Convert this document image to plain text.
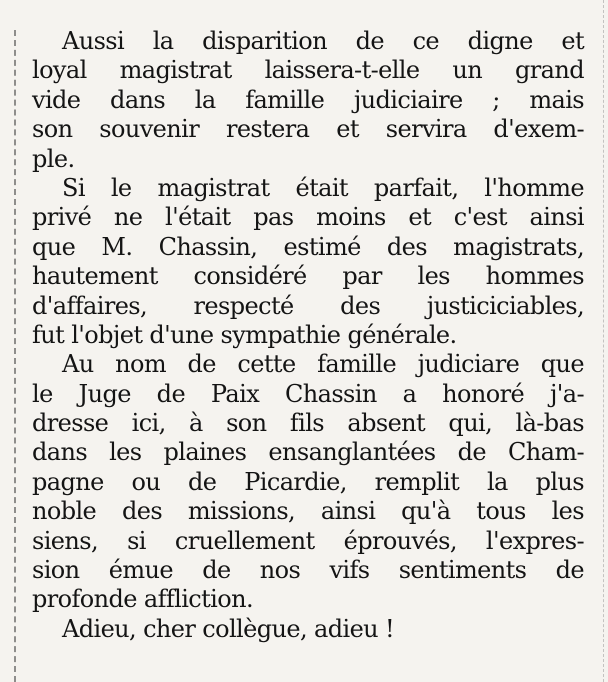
Aussi la disparition de ce digne et
loyal magistrat laissera-t-elle un grand
vide dans la famille judiciaire ; mais
son souvenir restera et servira d'exem-
ple.
Si le magistrat était parfait, l'homme
privé ne l'était pas moins et c'est ainsi
que M. Chassin, estimé des magistrats,
hautement considéré par les hommes
d'affaires, respecté des justiciciables,
fut l'objet d'une sympathie générale.
Au nom de cette famille judiciare que
le Juge de Paix Chassin a honoré j'a-
dresse ici, à son fils absent qui, là-bas
dans les plaines ensanglantées de Cham-
pagne ou de Picardie, remplit la plus
noble des missions, ainsi qu'à tous les
siens, si cruellement éprouvés, l'expres-
sion émue de nos vifs sentiments de
profonde affliction.
Adieu, cher collègue, adieu !
